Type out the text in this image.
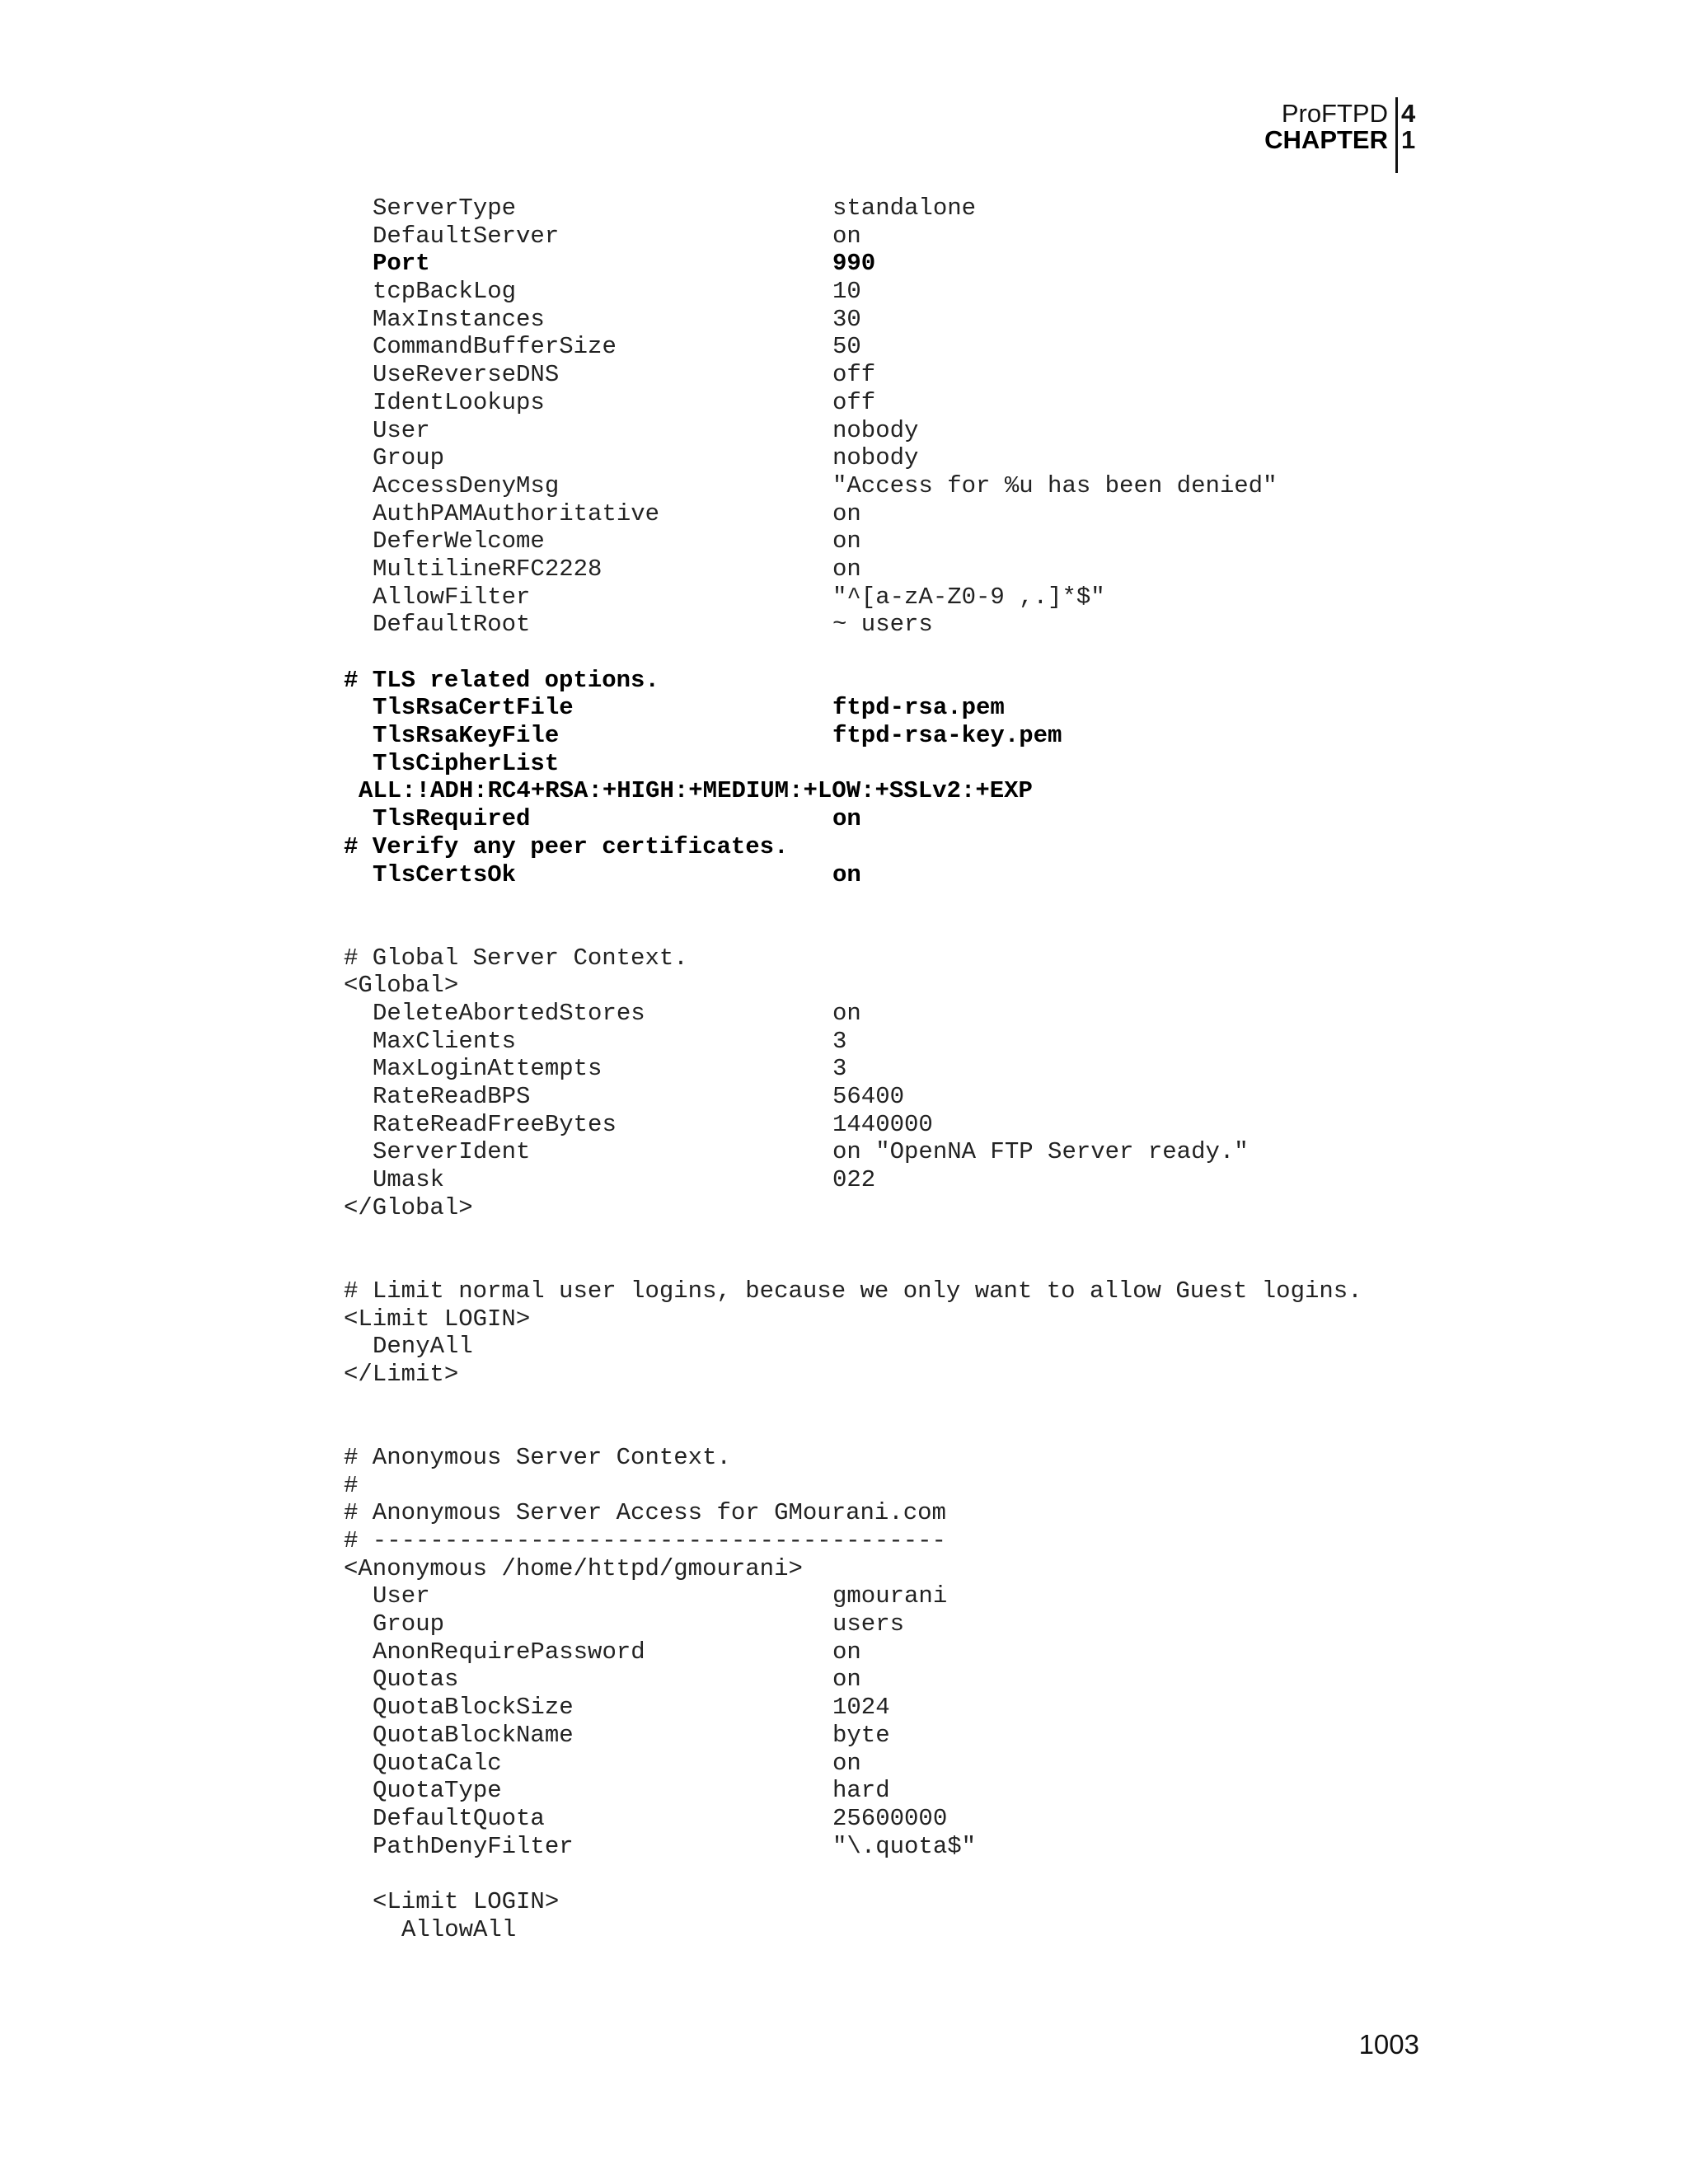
ProFTPD 4
CHAPTER 1
ServerType	standalone
DefaultServer	on
Port	990
tcpBackLog	10
MaxInstances	30
CommandBufferSize	50
UseReverseDNS	off
IdentLookups	off
User	nobody
Group	nobody
AccessDenyMsg	"Access for %u has been denied"
AuthPAMAuthoritative	on
DeferWelcome	on
MultilineRFC2228	on
AllowFilter	"^[a-zA-Z0-9 ,.]*$"
DefaultRoot	~ users
# TLS related options.
TlsRsaCertFile	ftpd-rsa.pem
TlsRsaKeyFile	ftpd-rsa-key.pem
TlsCipherList
ALL:!ADH:RC4+RSA:+HIGH:+MEDIUM:+LOW:+SSLv2:+EXP
TlsRequired	on
# Verify any peer certificates.
TlsCertsOk	on
# Global Server Context.
<Global>
DeleteAbortedStores	on
MaxClients	3
MaxLoginAttempts	3
RateReadBPS	56400
RateReadFreeBytes	1440000
ServerIdent	on "OpenNA FTP Server ready."
Umask	022
</Global>
# Limit normal user logins, because we only want to allow Guest logins.
<Limit LOGIN>
DenyAll
</Limit>
# Anonymous Server Context.
#
# Anonymous Server Access for GMourani.com
# ----------------------------------------
<Anonymous /home/httpd/gmourani>
User	gmourani
Group	users
AnonRequirePassword	on
Quotas	on
QuotaBlockSize	1024
QuotaBlockName	byte
QuotaCalc	on
QuotaType	hard
DefaultQuota	25600000
PathDenyFilter	"\.quota$"
<Limit LOGIN>
AllowAll
1003
